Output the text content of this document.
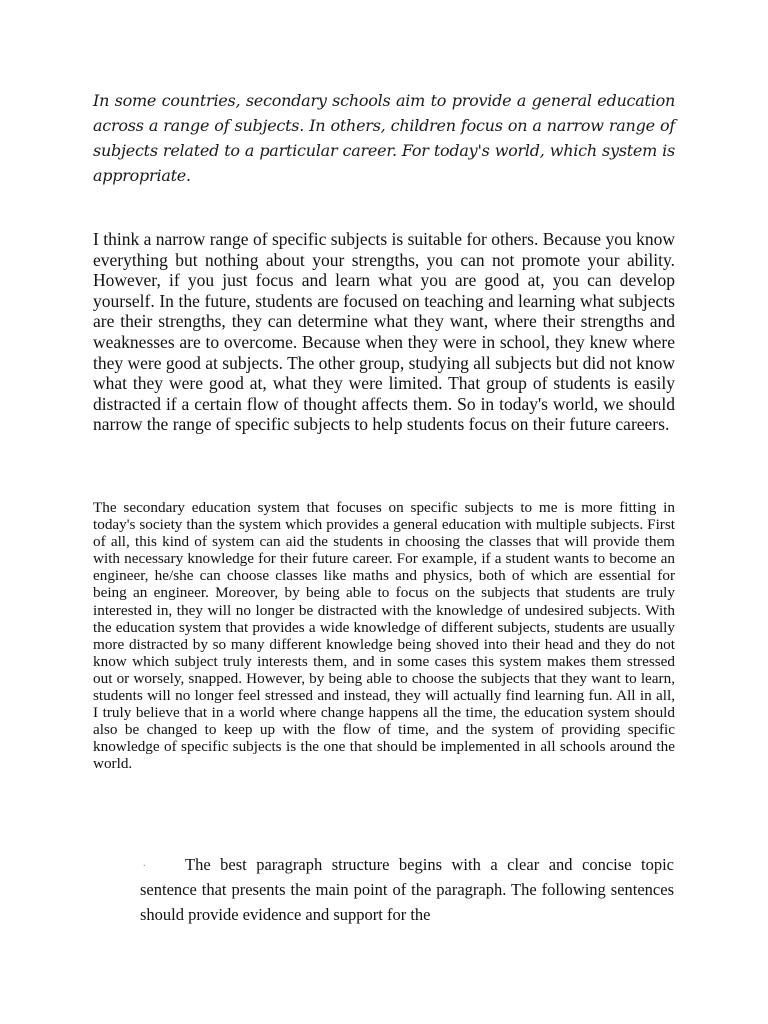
In some countries, secondary schools aim to provide a general education across a range of subjects. In others, children focus on a narrow range of subjects related to a particular career. For today's world, which system is appropriate.

I think a narrow range of specific subjects is suitable for others. Because you know everything but nothing about your strengths, you can not promote your ability. However, if you just focus and learn what you are good at, you can develop yourself. In the future, students are focused on teaching and learning what subjects are their strengths, they can determine what they want, where their strengths and weaknesses are to overcome. Because when they were in school, they knew where they were good at subjects. The other group, studying all subjects but did not know what they were good at, what they were limited. That group of students is easily distracted if a certain flow of thought affects them. So in today's world, we should narrow the range of specific subjects to help students focus on their future careers.

The secondary education system that focuses on specific subjects to me is more fitting in today's society than the system which provides a general education with multiple subjects. First of all, this kind of system can aid the students in choosing the classes that will provide them with necessary knowledge for their future career. For example, if a student wants to become an engineer, he/she can choose classes like maths and physics, both of which are essential for being an engineer. Moreover, by being able to focus on the subjects that students are truly interested in, they will no longer be distracted with the knowledge of undesired subjects. With the education system that provides a wide knowledge of different subjects, students are usually more distracted by so many different knowledge being shoved into their head and they do not know which subject truly interests them, and in some cases this system makes them stressed out or worsely, snapped. However, by being able to choose the subjects that they want to learn, students will no longer feel stressed and instead, they will actually find learning fun. All in all, I truly believe that in a world where change happens all the time, the education system should also be changed to keep up with the flow of time, and the system of providing specific knowledge of specific subjects is the one that should be implemented in all schools around the world.

.	The best paragraph structure begins with a clear and concise topic sentence that presents the main point of the paragraph. The following sentences should provide evidence and support for the
